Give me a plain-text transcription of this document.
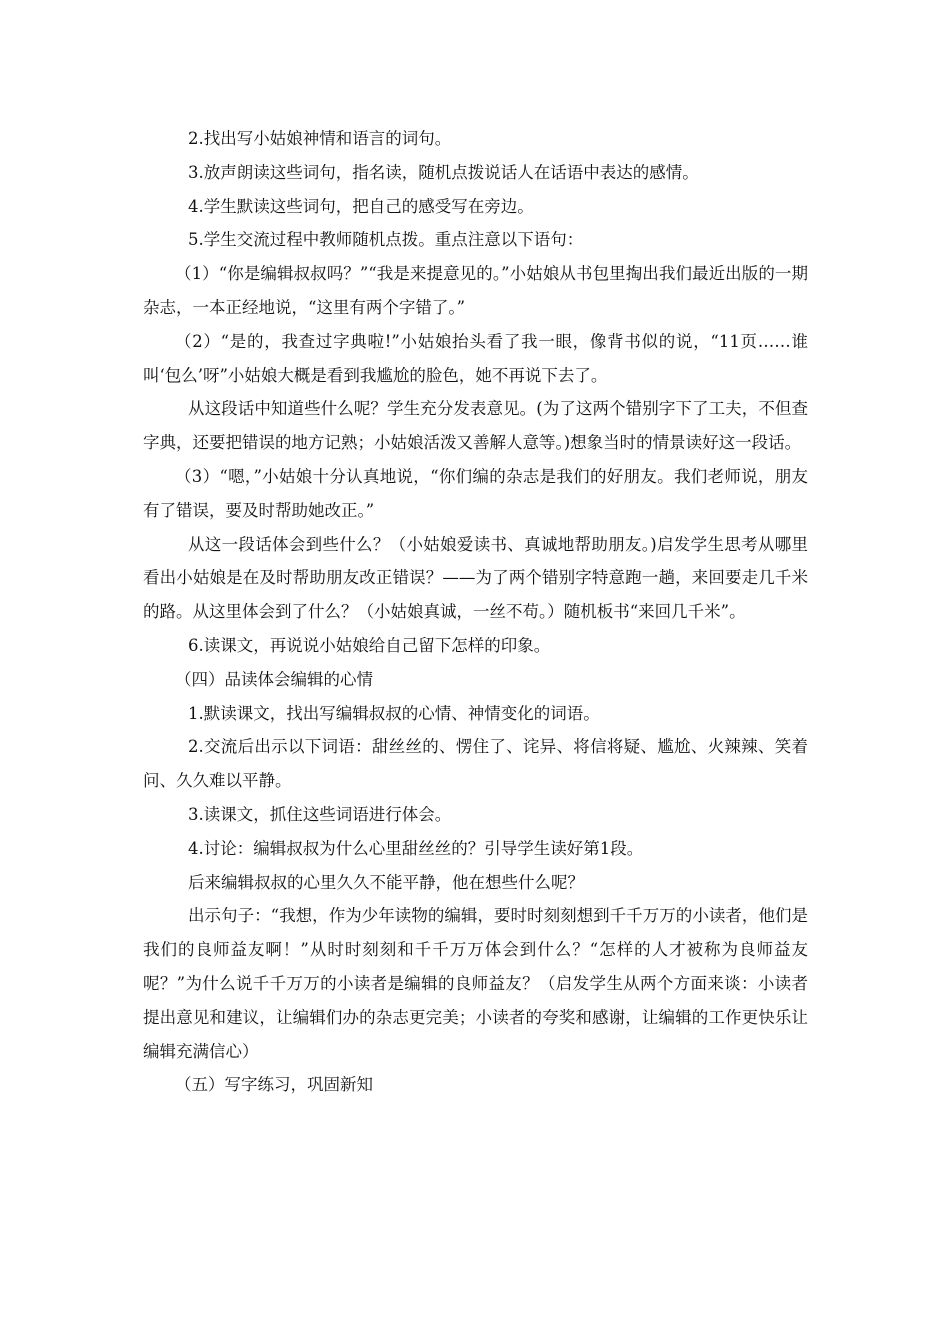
2.找出写小姑娘神情和语言的词句。

3.放声朗读这些词句，指名读，随机点拨说话人在话语中表达的感情。

4.学生默读这些词句，把自己的感受写在旁边。

5.学生交流过程中教师随机点拨。重点注意以下语句：

（1）“你是编辑叔叔吗？”“我是来提意见的。”小姑娘从书包里掏出我们最近出版的一期杂志，一本正经地说，“这里有两个字错了。”

（2）“是的，我查过字典啦!”小姑娘抬头看了我一眼，像背书似的说，“11页……谁叫‘包么’呀”小姑娘大概是看到我尴尬的脸色，她不再说下去了。

从这段话中知道些什么呢？学生充分发表意见。(为了这两个错别字下了工夫，不但查字典，还要把错误的地方记熟；小姑娘活泼又善解人意等。)想象当时的情景读好这一段话。

（3）“嗯，”小姑娘十分认真地说，“你们编的杂志是我们的好朋友。我们老师说，朋友有了错误，要及时帮助她改正。”

从这一段话体会到些什么？（小姑娘爱读书、真诚地帮助朋友。)启发学生思考从哪里看出小姑娘是在及时帮助朋友改正错误？——为了两个错别字特意跑一趟，来回要走几千米的路。从这里体会到了什么？（小姑娘真诚，一丝不苟。）随机板书“来回几千米”。

6.读课文，再说说小姑娘给自己留下怎样的印象。

（四）品读体会编辑的心情

1.默读课文，找出写编辑叔叔的心情、神情变化的词语。

2.交流后出示以下词语：甜丝丝的、愣住了、诧异、将信将疑、尴尬、火辣辣、笑着问、久久难以平静。

3.读课文，抓住这些词语进行体会。

4.讨论：编辑叔叔为什么心里甜丝丝的？引导学生读好第1段。

后来编辑叔叔的心里久久不能平静，他在想些什么呢？

出示句子：“我想，作为少年读物的编辑，要时时刻刻想到千千万万的小读者，他们是我们的良师益友啊！”从时时刻刻和千千万万体会到什么？“怎样的人才被称为良师益友呢？”为什么说千千万万的小读者是编辑的良师益友？（启发学生从两个方面来谈：小读者提出意见和建议，让编辑们办的杂志更完美；小读者的夸奖和感谢，让编辑的工作更快乐让编辑充满信心）

（五）写字练习，巩固新知
